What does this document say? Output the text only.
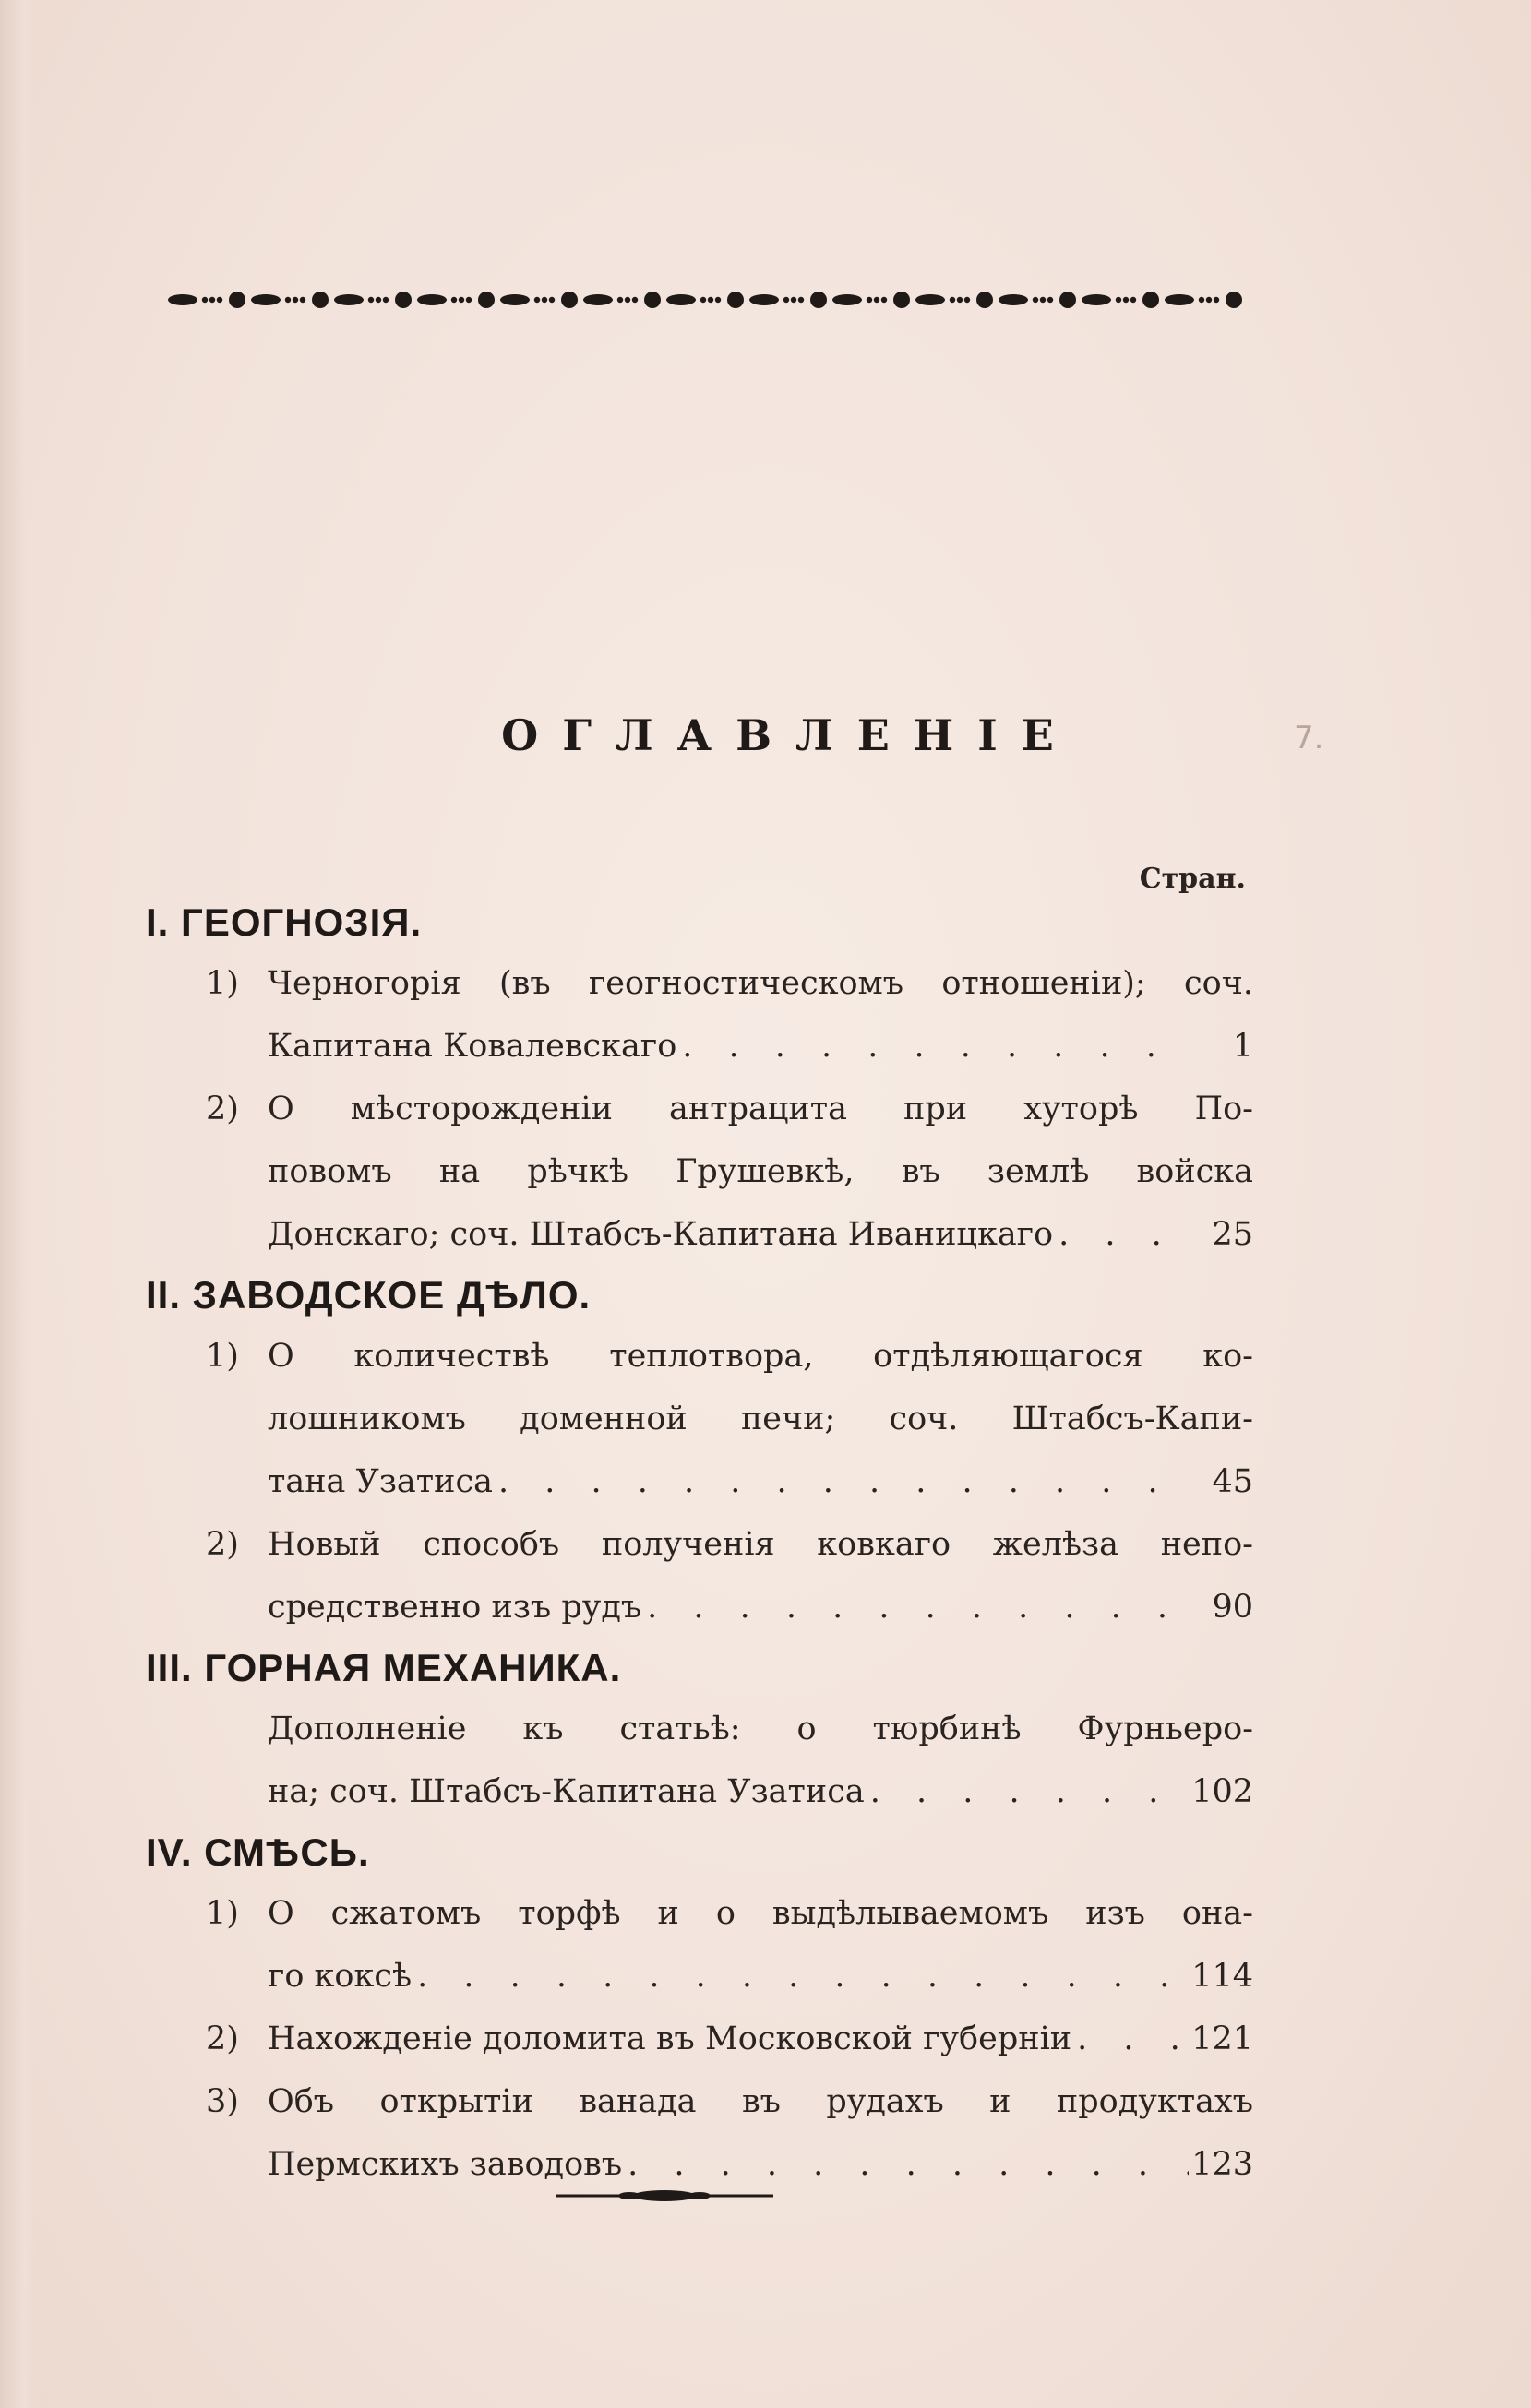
7.
ОГЛАВЛЕНІЕ
Стран.
I. ГЕОГНОЗІЯ.
1) Черногорія (въ геогностическомъ отношеніи); соч.
Капитана Ковалевскаго . . .	1
2) О мѣсторожденіи антрацита при хуторѣ По-
повомъ на рѣчкѣ Грушевкѣ, въ землѣ войска
Донскаго; соч. Штабсъ-Капитана Иваницкаго . . .	25
II. ЗАВОДСКОЕ ДѢЛО.
1) О количествѣ теплотвора, отдѣляющагося ко-
лошникомъ доменной печи; соч. Штабсъ-Капи-
тана Узатиса . . .	45
2) Новый способъ полученія ковкаго желѣза непо-
средственно изъ рудъ . . .	90
III. ГОРНАЯ МЕХАНИКА.
Дополненіе къ статьѣ: о тюрбинѣ Фурньеро-
на; соч. Штабсъ-Капитана Узатиса . . .	102
IV. СМѢСЬ.
1) О сжатомъ торфѣ и о выдѣлываемомъ изъ она-
го коксѣ . . .	114
2) Нахожденіе доломита въ Московской губерніи . . .	121
3) Объ открытіи ванада въ рудахъ и продуктахъ
Пермскихъ заводовъ . . .	123
